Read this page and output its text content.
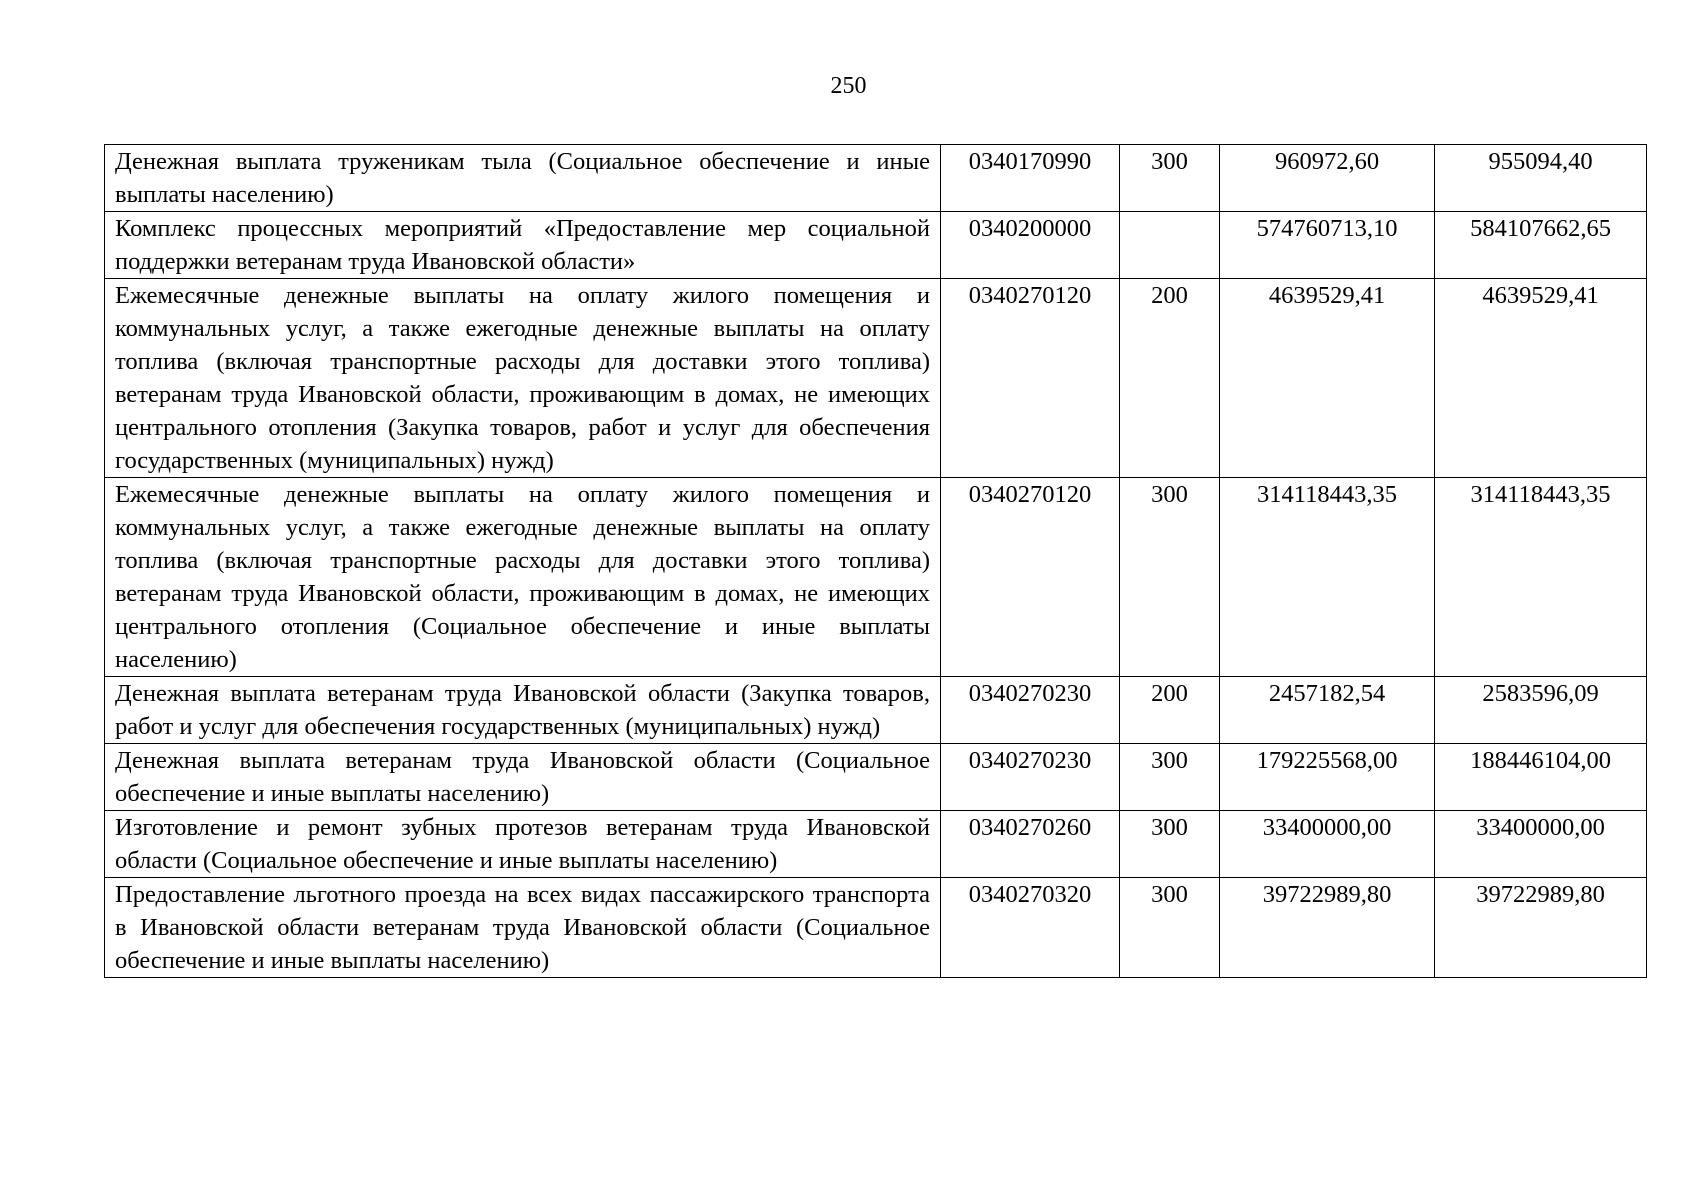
250
Денежная выплата труженикам тыла (Социальное обеспечение и иные выплаты населению)	0340170990	300	960972,60	955094,40
Комплекс процессных мероприятий «Предоставление мер социальной поддержки ветеранам труда Ивановской области»	0340200000		574760713,10	584107662,65
Ежемесячные денежные выплаты на оплату жилого помещения и коммунальных услуг, а также ежегодные денежные выплаты на оплату топлива (включая транспортные расходы для доставки этого топлива) ветеранам труда Ивановской области, проживающим в домах, не имеющих центрального отопления (Закупка товаров, работ и услуг для обеспечения государственных (муниципальных) нужд)	0340270120	200	4639529,41	4639529,41
Ежемесячные денежные выплаты на оплату жилого помещения и коммунальных услуг, а также ежегодные денежные выплаты на оплату топлива (включая транспортные расходы для доставки этого топлива) ветеранам труда Ивановской области, проживающим в домах, не имеющих центрального отопления (Социальное обеспечение и иные выплаты населению)	0340270120	300	314118443,35	314118443,35
Денежная выплата ветеранам труда Ивановской области (Закупка товаров, работ и услуг для обеспечения государственных (муниципальных) нужд)	0340270230	200	2457182,54	2583596,09
Денежная выплата ветеранам труда Ивановской области (Социальное обеспечение и иные выплаты населению)	0340270230	300	179225568,00	188446104,00
Изготовление и ремонт зубных протезов ветеранам труда Ивановской области (Социальное обеспечение и иные выплаты населению)	0340270260	300	33400000,00	33400000,00
Предоставление льготного проезда на всех видах пассажирского транспорта в Ивановской области ветеранам труда Ивановской области (Социальное обеспечение и иные выплаты населению)	0340270320	300	39722989,80	39722989,80
